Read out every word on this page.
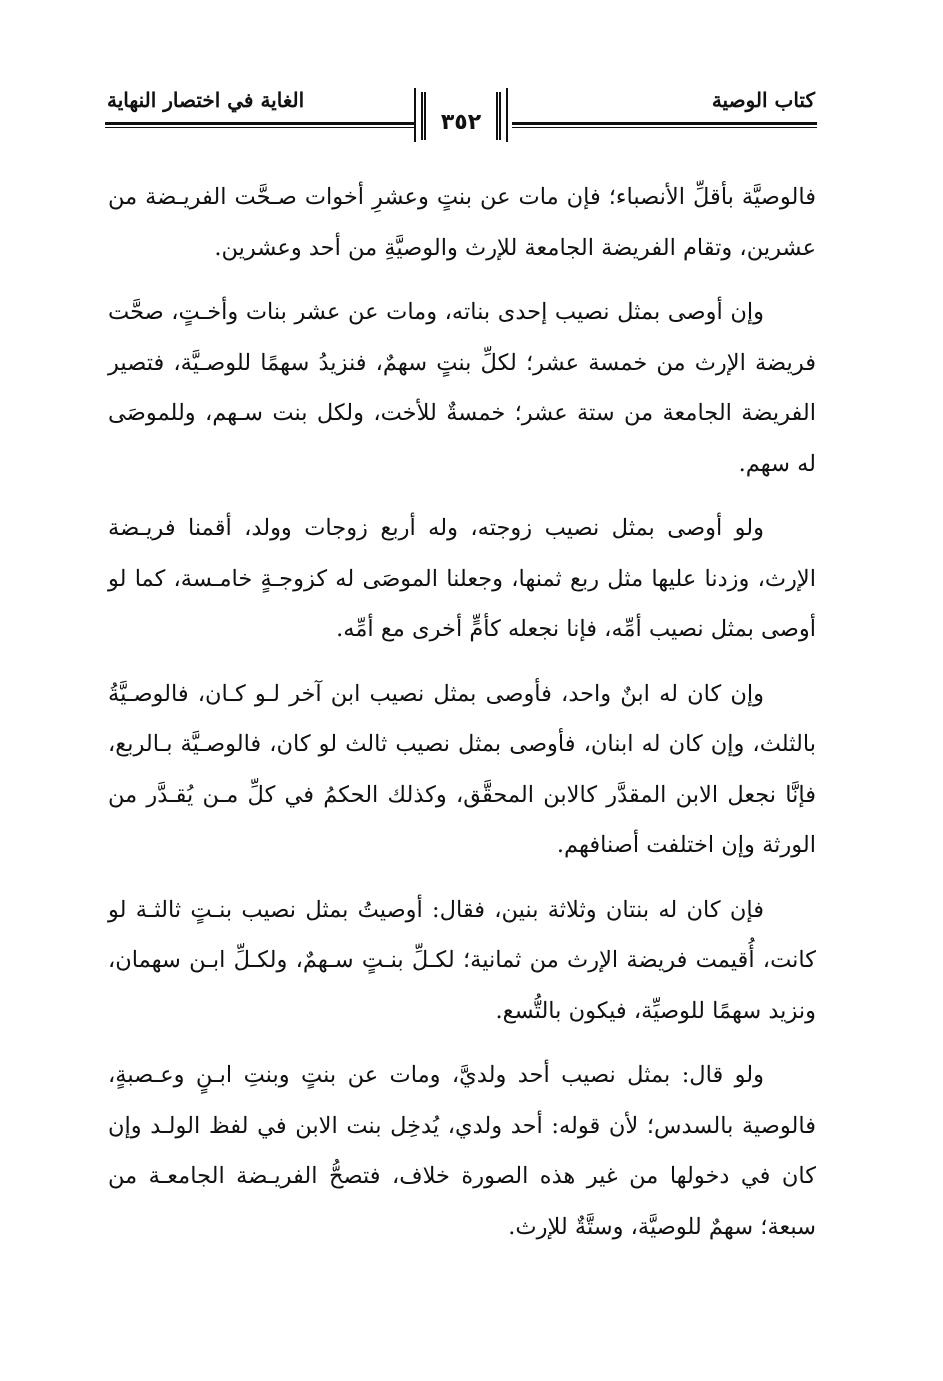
كتاب الوصية
الغاية في اختصار النهاية
٣٥٢

فالوصيَّة بأقلِّ الأنصباء؛ فإن مات عن بنتٍ وعشرِ أخوات صـحَّت الفريـضة من عشرين، وتقام الفريضة الجامعة للإرث والوصيَّةِ من أحد وعشرين.

وإن أوصى بمثل نصيب إحدى بناته، ومات عن عشر بنات وأخـتٍ، صحَّت فريضة الإرث من خمسة عشر؛ لكلِّ بنتٍ سهمٌ، فنزيدُ سهمًا للوصـيَّة، فتصير الفريضة الجامعة من ستة عشر؛ خمسةٌ للأخت، ولكل بنت سـهم، وللموصَى له سهم.

ولو أوصى بمثل نصيب زوجته، وله أربع زوجات وولد، أقمنا فريـضة الإرث، وزدنا عليها مثل ربع ثمنها، وجعلنا الموصَى له كزوجـةٍ خامـسة، كما لو أوصى بمثل نصيب أمِّه، فإنا نجعله كأمٍّ أخرى مع أمِّه.

وإن كان له ابنٌ واحد، فأوصى بمثل نصيب ابن آخر لـو كـان، فالوصـيَّةُ بالثلث، وإن كان له ابنان، فأوصى بمثل نصيب ثالث لو كان، فالوصـيَّة بـالربع، فإنَّا نجعل الابن المقدَّر كالابن المحقَّق، وكذلك الحكمُ في كلِّ مـن يُقـدَّر من الورثة وإن اختلفت أصنافهم.

فإن كان له بنتان وثلاثة بنين، فقال: أوصيتُ بمثل نصيب بنـتٍ ثالثـة لو كانت، أُقيمت فريضة الإرث من ثمانية؛ لكـلِّ بنـتٍ سـهمٌ، ولكـلِّ ابـن سهمان، ونزيد سهمًا للوصيِّة، فيكون بالتُّسع.

ولو قال: بمثل نصيب أحد ولديَّ، ومات عن بنتٍ وبنتِ ابـنٍ وعـصبةٍ، فالوصية بالسدس؛ لأن قوله: أحد ولدي، يُدخِل بنت الابن في لفظ الولـد وإن كان في دخولها من غير هذه الصورة خلاف، فتصحُّ الفريـضة الجامعـة من سبعة؛ سهمٌ للوصيَّة، وستَّةٌ للإرث.
